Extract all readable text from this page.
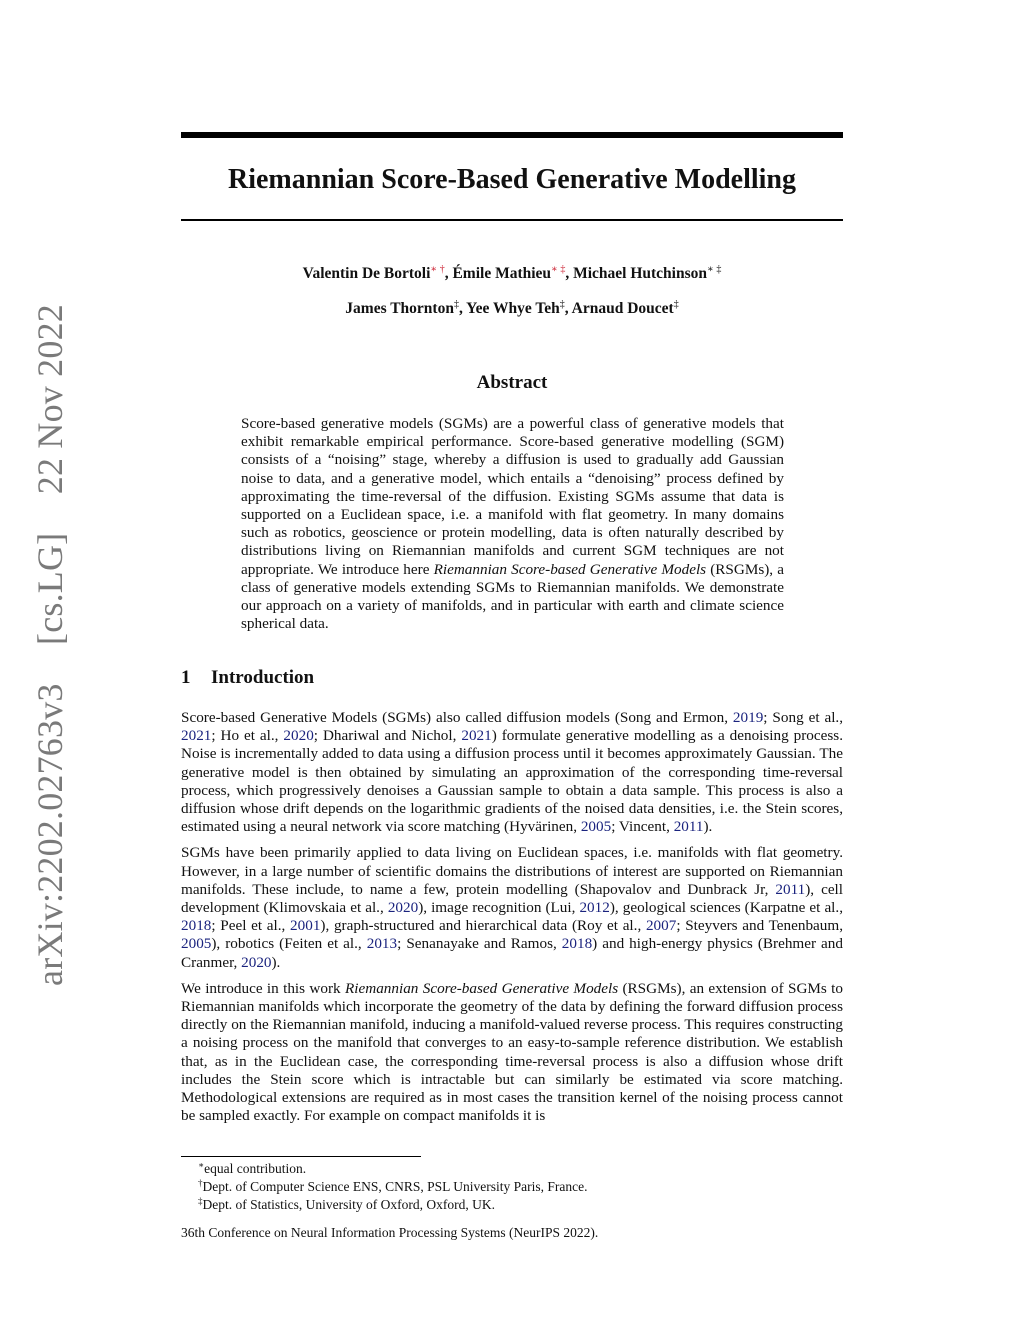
arXiv:2202.02763v3  [cs.LG]  22 Nov 2022
Riemannian Score-Based Generative Modelling
Valentin De Bortoli∗ †, Émile Mathieu∗ ‡, Michael Hutchinson∗ ‡
James Thornton‡, Yee Whye Teh‡, Arnaud Doucet‡
Abstract
Score-based generative models (SGMs) are a powerful class of generative models that exhibit remarkable empirical performance. Score-based generative modelling (SGM) consists of a “noising” stage, whereby a diffusion is used to gradually add Gaussian noise to data, and a generative model, which entails a “denoising” process defined by approximating the time-reversal of the diffusion. Existing SGMs assume that data is supported on a Euclidean space, i.e. a manifold with flat geometry. In many domains such as robotics, geoscience or protein modelling, data is often naturally described by distributions living on Riemannian manifolds and current SGM techniques are not appropriate. We introduce here Riemannian Score-based Generative Models (RSGMs), a class of generative models extending SGMs to Riemannian manifolds. We demonstrate our approach on a variety of manifolds, and in particular with earth and climate science spherical data.
1 Introduction

Score-based Generative Models (SGMs) also called diffusion models (Song and Ermon, 2019; Song et al., 2021; Ho et al., 2020; Dhariwal and Nichol, 2021) formulate generative modelling as a denoising process. Noise is incrementally added to data using a diffusion process until it becomes approximately Gaussian. The generative model is then obtained by simulating an approximation of the corresponding time-reversal process, which progressively denoises a Gaussian sample to obtain a data sample. This process is also a diffusion whose drift depends on the logarithmic gradients of the noised data densities, i.e. the Stein scores, estimated using a neural network via score matching (Hyvärinen, 2005; Vincent, 2011).

SGMs have been primarily applied to data living on Euclidean spaces, i.e. manifolds with flat geometry. However, in a large number of scientific domains the distributions of interest are supported on Riemannian manifolds. These include, to name a few, protein modelling (Shapovalov and Dunbrack Jr, 2011), cell development (Klimovskaia et al., 2020), image recognition (Lui, 2012), geological sciences (Karpatne et al., 2018; Peel et al., 2001), graph-structured and hierarchical data (Roy et al., 2007; Steyvers and Tenenbaum, 2005), robotics (Feiten et al., 2013; Senanayake and Ramos, 2018) and high-energy physics (Brehmer and Cranmer, 2020).

We introduce in this work Riemannian Score-based Generative Models (RSGMs), an extension of SGMs to Riemannian manifolds which incorporate the geometry of the data by defining the forward diffusion process directly on the Riemannian manifold, inducing a manifold-valued reverse process. This requires constructing a noising process on the manifold that converges to an easy-to-sample reference distribution. We establish that, as in the Euclidean case, the corresponding time-reversal process is also a diffusion whose drift includes the Stein score which is intractable but can similarly be estimated via score matching. Methodological extensions are required as in most cases the transition kernel of the noising process cannot be sampled exactly. For example on compact manifolds it is

∗equal contribution.
†Dept. of Computer Science ENS, CNRS, PSL University Paris, France.
‡Dept. of Statistics, University of Oxford, Oxford, UK.
36th Conference on Neural Information Processing Systems (NeurIPS 2022).
